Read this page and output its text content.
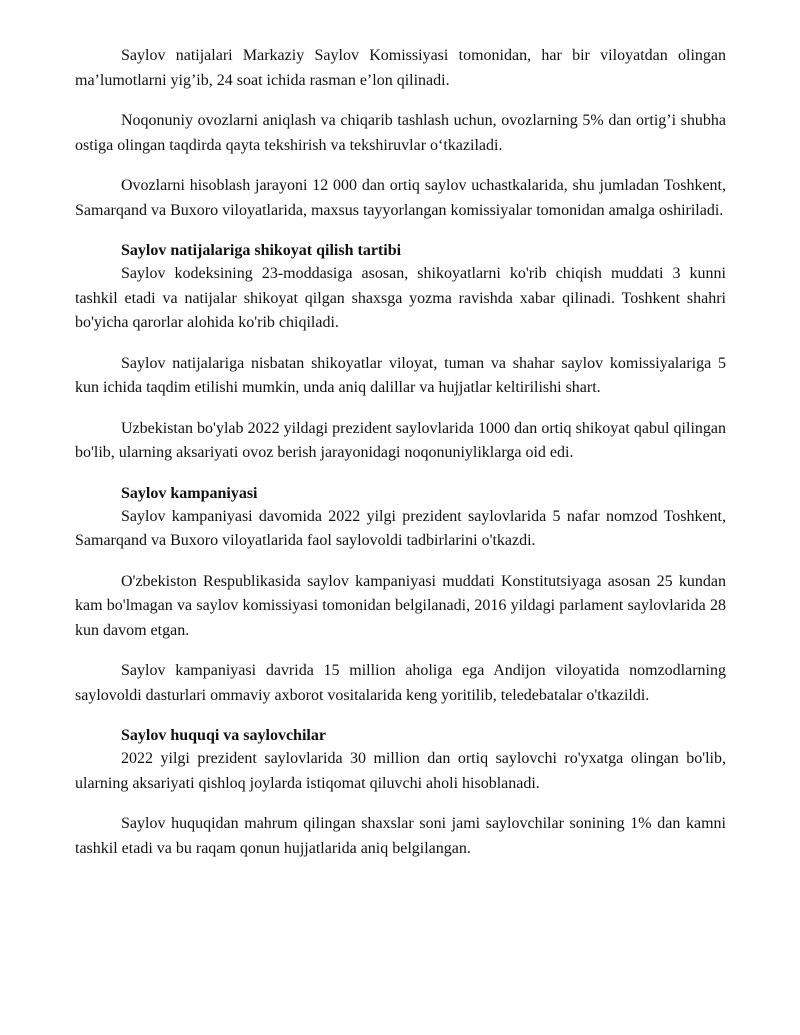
Saylov natijalari Markaziy Saylov Komissiyasi tomonidan, har bir viloyatdan olingan ma’lumotlarni yig’ib, 24 soat ichida rasman e’lon qilinadi.

Noqonuniy ovozlarni aniqlash va chiqarib tashlash uchun, ovozlarning 5% dan ortig’i shubha ostiga olingan taqdirda qayta tekshirish va tekshiruvlar o‘tkaziladi.

Ovozlarni hisoblash jarayoni 12 000 dan ortiq saylov uchastkalarida, shu jumladan Toshkent, Samarqand va Buxoro viloyatlarida, maxsus tayyorlangan komissiyalar tomonidan amalga oshiriladi.

Saylov natijalariga shikoyat qilish tartibi

Saylov kodeksining 23-moddasiga asosan, shikoyatlarni ko'rib chiqish muddati 3 kunni tashkil etadi va natijalar shikoyat qilgan shaxsga yozma ravishda xabar qilinadi. Toshkent shahri bo'yicha qarorlar alohida ko'rib chiqiladi.

Saylov natijalariga nisbatan shikoyatlar viloyat, tuman va shahar saylov komissiyalariga 5 kun ichida taqdim etilishi mumkin, unda aniq dalillar va hujjatlar keltirilishi shart.

Uzbekistan bo'ylab 2022 yildagi prezident saylovlarida 1000 dan ortiq shikoyat qabul qilingan bo'lib, ularning aksariyati ovoz berish jarayonidagi noqonuniyliklarga oid edi.

Saylov kampaniyasi

Saylov kampaniyasi davomida 2022 yilgi prezident saylovlarida 5 nafar nomzod Toshkent, Samarqand va Buxoro viloyatlarida faol saylovoldi tadbirlarini o'tkazdi.

O'zbekiston Respublikasida saylov kampaniyasi muddati Konstitutsiyaga asosan 25 kundan kam bo'lmagan va saylov komissiyasi tomonidan belgilanadi, 2016 yildagi parlament saylovlarida 28 kun davom etgan.

Saylov kampaniyasi davrida 15 million aholiga ega Andijon viloyatida nomzodlarning saylovoldi dasturlari ommaviy axborot vositalarida keng yoritilib, teledebatalar o'tkazildi.

Saylov huquqi va saylovchilar

2022 yilgi prezident saylovlarida 30 million dan ortiq saylovchi ro'yxatga olingan bo'lib, ularning aksariyati qishloq joylarda istiqomat qiluvchi aholi hisoblanadi.

Saylov huquqidan mahrum qilingan shaxslar soni jami saylovchilar sonining 1% dan kamni tashkil etadi va bu raqam qonun hujjatlarida aniq belgilangan.
